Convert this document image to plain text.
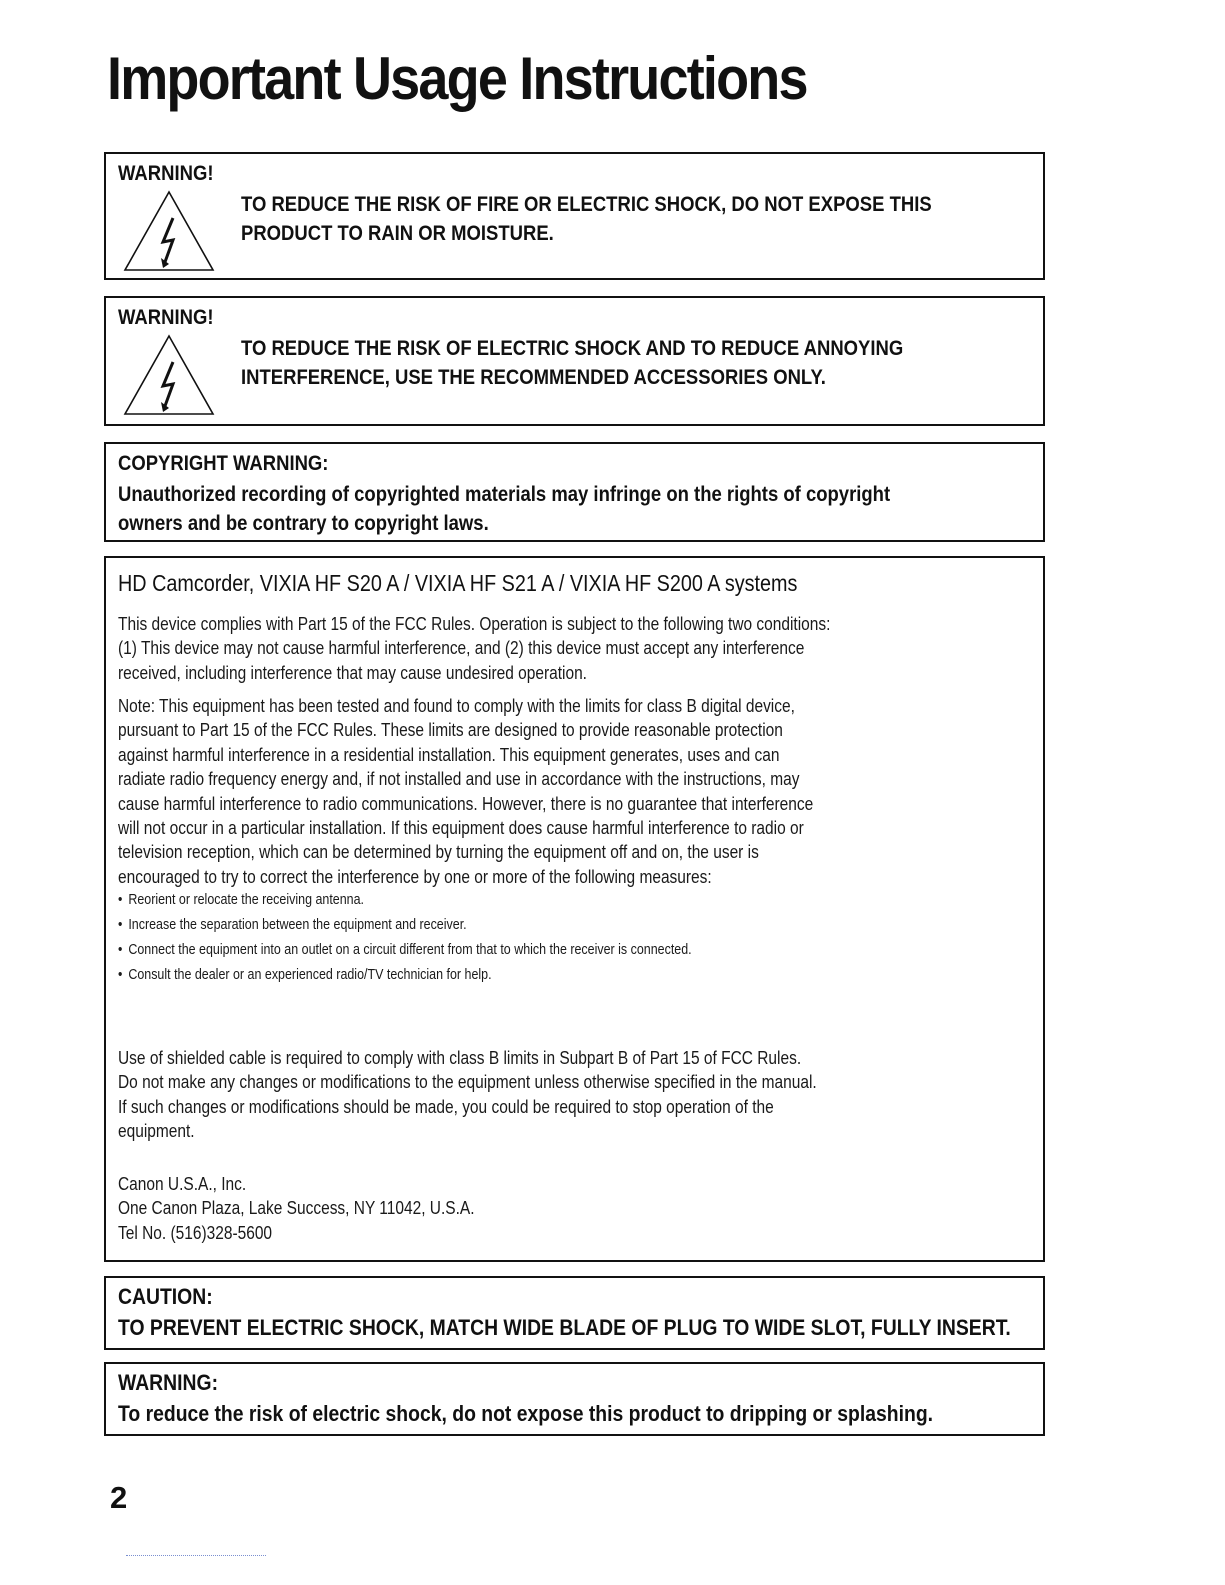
Important Usage Instructions
WARNING!
TO REDUCE THE RISK OF FIRE OR ELECTRIC SHOCK, DO NOT EXPOSE THIS
PRODUCT TO RAIN OR MOISTURE.
WARNING!
TO REDUCE THE RISK OF ELECTRIC SHOCK AND TO REDUCE ANNOYING
INTERFERENCE, USE THE RECOMMENDED ACCESSORIES ONLY.
COPYRIGHT WARNING:
Unauthorized recording of copyrighted materials may infringe on the rights of copyright
owners and be contrary to copyright laws.
HD Camcorder, VIXIA HF S20 A / VIXIA HF S21 A / VIXIA HF S200 A systems
This device complies with Part 15 of the FCC Rules. Operation is subject to the following two conditions:
(1) This device may not cause harmful interference, and (2) this device must accept any interference
received, including interference that may cause undesired operation.
Note: This equipment has been tested and found to comply with the limits for class B digital device,
pursuant to Part 15 of the FCC Rules. These limits are designed to provide reasonable protection
against harmful interference in a residential installation. This equipment generates, uses and can
radiate radio frequency energy and, if not installed and use in accordance with the instructions, may
cause harmful interference to radio communications. However, there is no guarantee that interference
will not occur in a particular installation. If this equipment does cause harmful interference to radio or
television reception, which can be determined by turning the equipment off and on, the user is
encouraged to try to correct the interference by one or more of the following measures:
• Reorient or relocate the receiving antenna.
• Increase the separation between the equipment and receiver.
• Connect the equipment into an outlet on a circuit different from that to which the receiver is connected.
• Consult the dealer or an experienced radio/TV technician for help.
Use of shielded cable is required to comply with class B limits in Subpart B of Part 15 of FCC Rules.
Do not make any changes or modifications to the equipment unless otherwise specified in the manual.
If such changes or modifications should be made, you could be required to stop operation of the
equipment.
Canon U.S.A., Inc.
One Canon Plaza, Lake Success, NY 11042, U.S.A.
Tel No. (516)328-5600
CAUTION:
TO PREVENT ELECTRIC SHOCK, MATCH WIDE BLADE OF PLUG TO WIDE SLOT, FULLY INSERT.
WARNING:
To reduce the risk of electric shock, do not expose this product to dripping or splashing.
2
